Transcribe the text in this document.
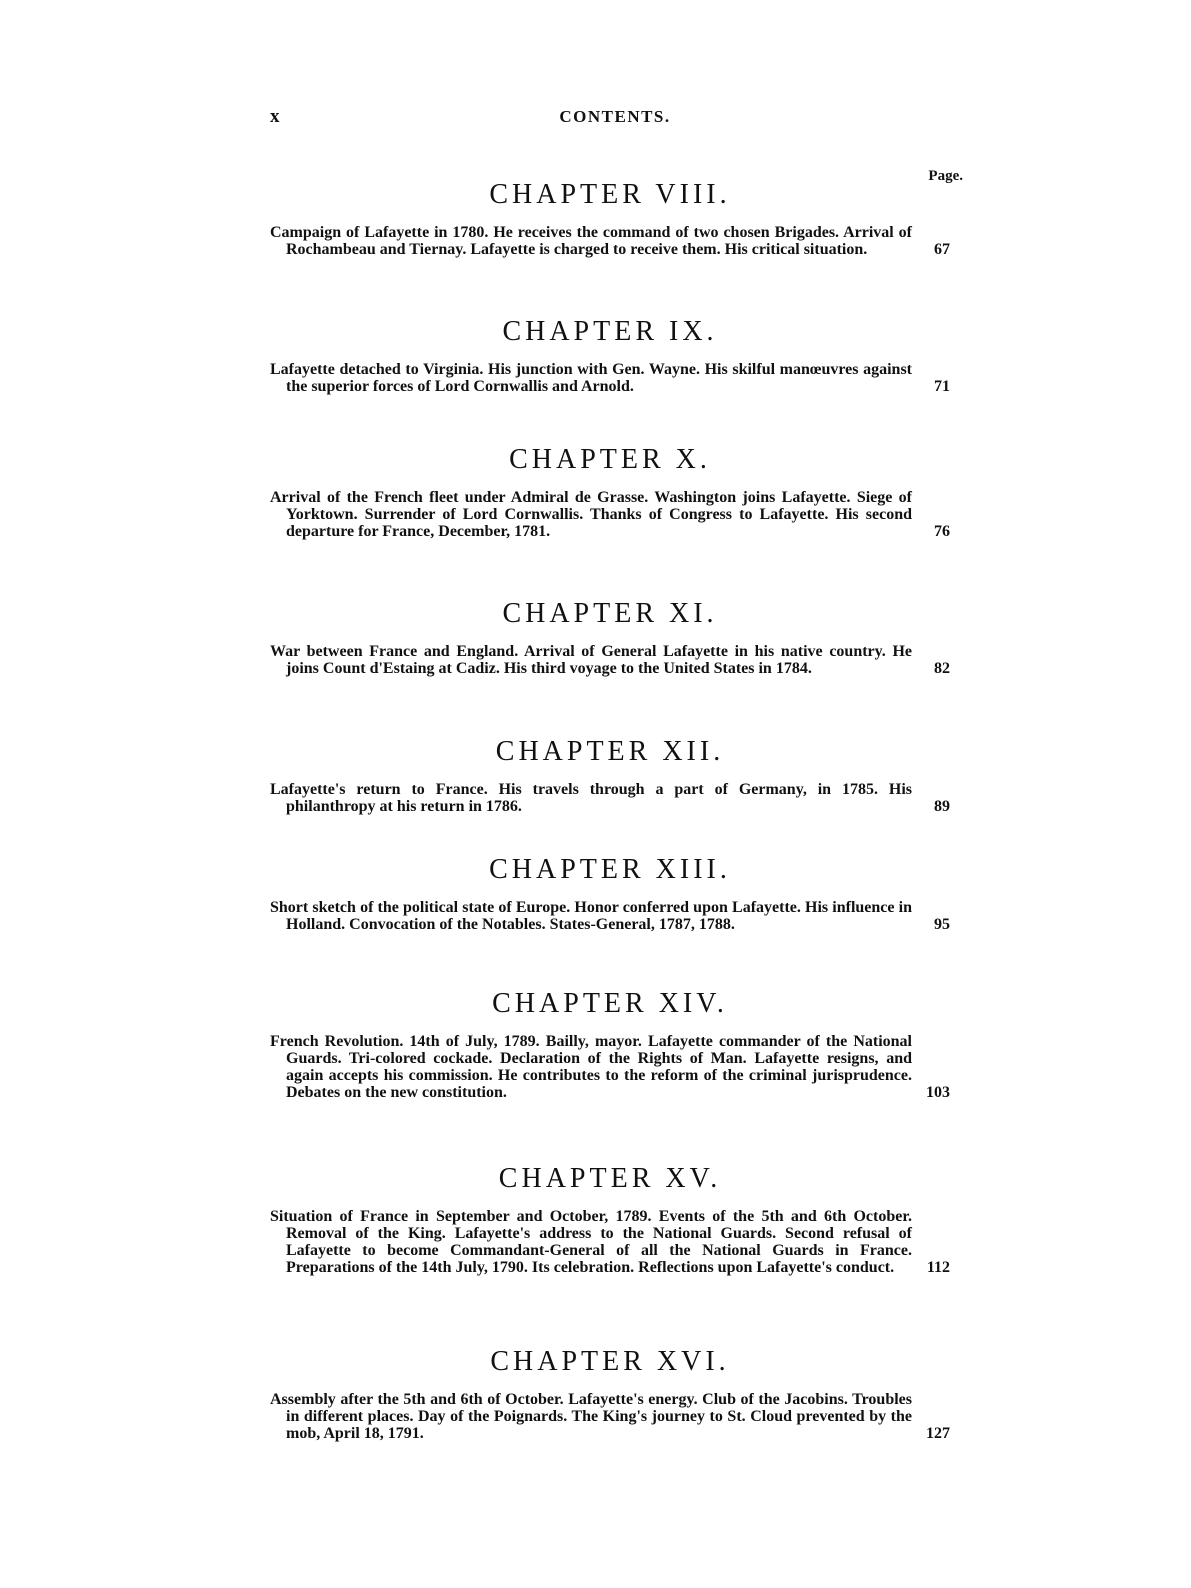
x	CONTENTS.
Page.
CHAPTER VIII.

Campaign of Lafayette in 1780. He receives the command of two chosen Brigades. Arrival of Rochambeau and Tiernay. Lafayette is charged to receive them. His critical situation.	67
CHAPTER IX.

Lafayette detached to Virginia. His junction with Gen. Wayne. His skilful manœuvres against the superior forces of Lord Cornwallis and Arnold.	71
CHAPTER X.

Arrival of the French fleet under Admiral de Grasse. Washington joins Lafayette. Siege of Yorktown. Surrender of Lord Cornwallis. Thanks of Congress to Lafayette. His second departure for France, December, 1781.	76
CHAPTER XI.

War between France and England. Arrival of General Lafayette in his native country. He joins Count d'Estaing at Cadiz. His third voyage to the United States in 1784.	82
CHAPTER XII.

Lafayette's return to France. His travels through a part of Germany, in 1785. His philanthropy at his return in 1786.	89
CHAPTER XIII.

Short sketch of the political state of Europe. Honor conferred upon Lafayette. His influence in Holland. Convocation of the Notables. States-General, 1787, 1788.	95
CHAPTER XIV.

French Revolution. 14th of July, 1789. Bailly, mayor. Lafayette commander of the National Guards. Tri-colored cockade. Declaration of the Rights of Man. Lafayette resigns, and again accepts his commission. He contributes to the reform of the criminal jurisprudence. Debates on the new constitution.	103
CHAPTER XV.

Situation of France in September and October, 1789. Events of the 5th and 6th October. Removal of the King. Lafayette's address to the National Guards. Second refusal of Lafayette to become Commandant-General of all the National Guards in France. Preparations of the 14th July, 1790. Its celebration. Reflections upon Lafayette's conduct.	112
CHAPTER XVI.

Assembly after the 5th and 6th of October. Lafayette's energy. Club of the Jacobins. Troubles in different places. Day of the Poignards. The King's journey to St. Cloud prevented by the mob, April 18, 1791.	127
